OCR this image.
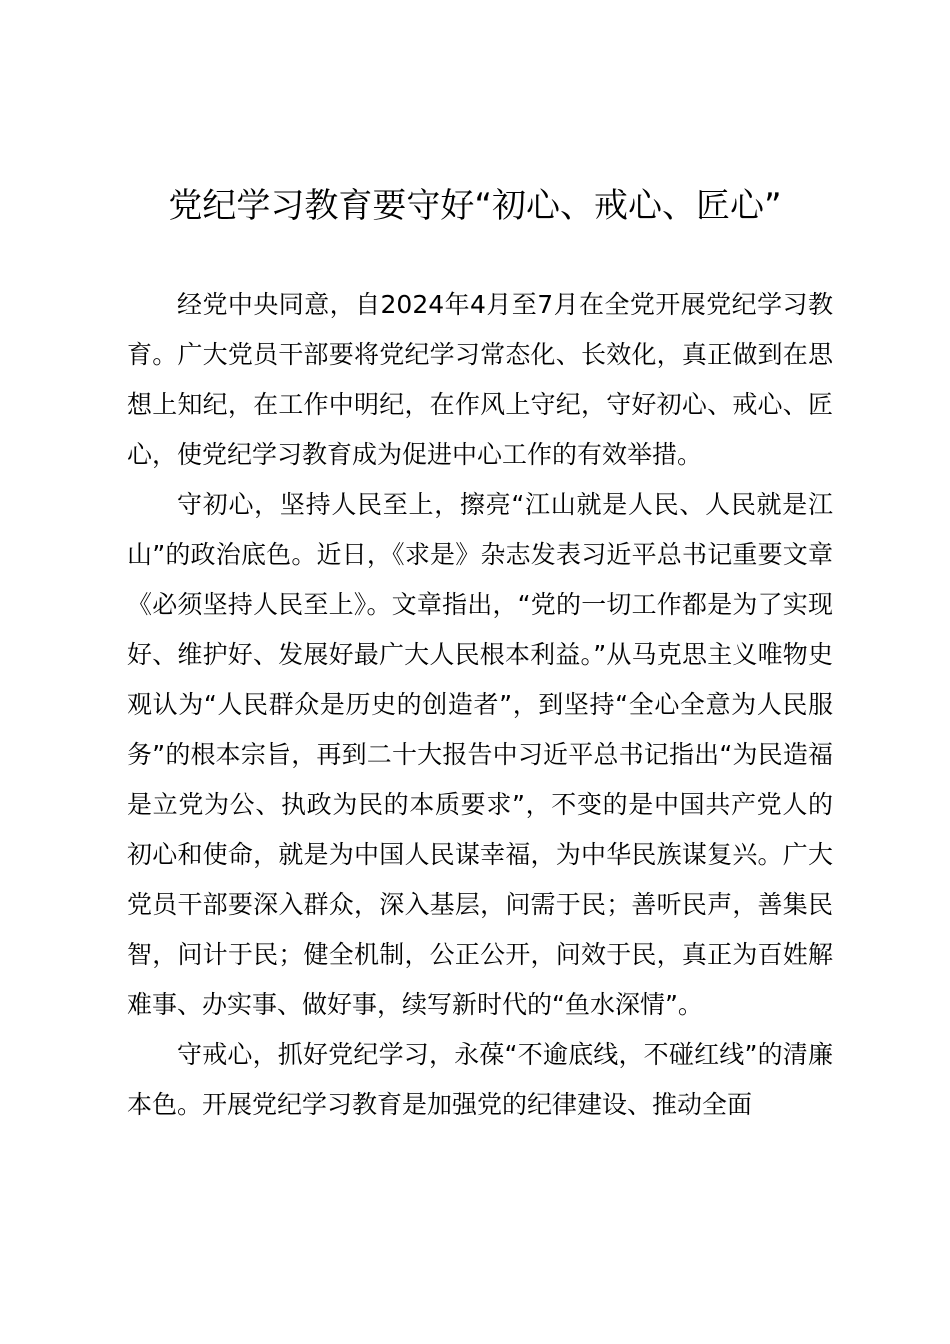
党纪学习教育要守好“初心、戒心、匠心”

经党中央同意，自2024年4月至7月在全党开展党纪学习教育。广大党员干部要将党纪学习常态化、长效化，真正做到在思想上知纪，在工作中明纪，在作风上守纪，守好初心、戒心、匠心，使党纪学习教育成为促进中心工作的有效举措。

守初心，坚持人民至上，擦亮“江山就是人民、人民就是江山”的政治底色。近日，《求是》杂志发表习近平总书记重要文章《必须坚持人民至上》。文章指出，“党的一切工作都是为了实现好、维护好、发展好最广大人民根本利益。”从马克思主义唯物史观认为“人民群众是历史的创造者”，到坚持“全心全意为人民服务”的根本宗旨，再到二十大报告中习近平总书记指出“为民造福是立党为公、执政为民的本质要求”，不变的是中国共产党人的初心和使命，就是为中国人民谋幸福，为中华民族谋复兴。广大党员干部要深入群众，深入基层，问需于民；善听民声，善集民智，问计于民；健全机制，公正公开，问效于民，真正为百姓解难事、办实事、做好事，续写新时代的“鱼水深情”。

守戒心，抓好党纪学习，永葆“不逾底线，不碰红线”的清廉本色。开展党纪学习教育是加强党的纪律建设、推动全面
